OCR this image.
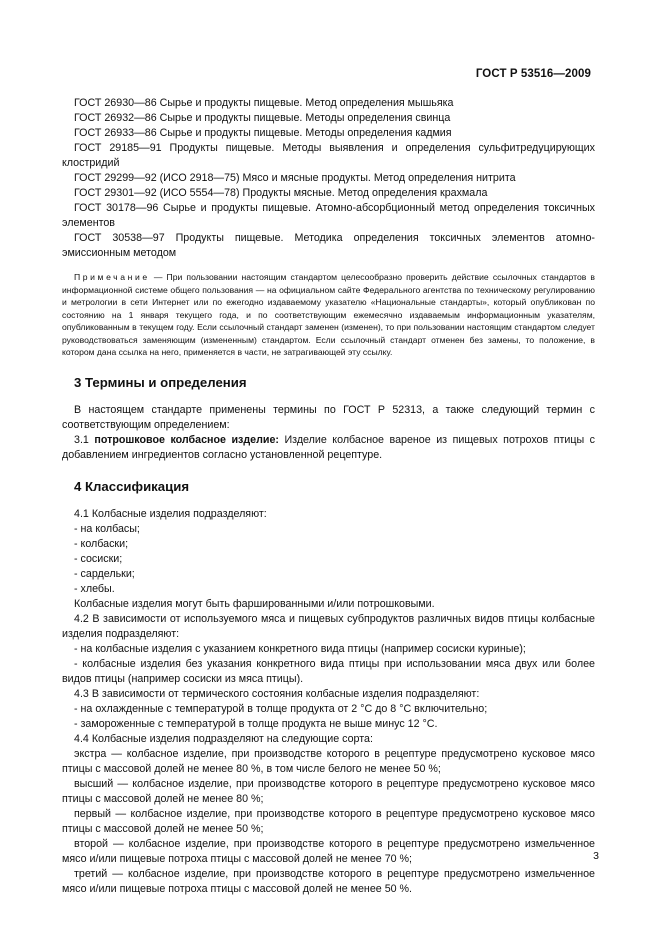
ГОСТ Р 53516—2009

ГОСТ 26930—86 Сырье и продукты пищевые. Метод определения мышьяка

ГОСТ 26932—86 Сырье и продукты пищевые. Методы определения свинца

ГОСТ 26933—86 Сырье и продукты пищевые. Методы определения кадмия

ГОСТ 29185—91 Продукты пищевые. Методы выявления и определения сульфитредуцирующих клостридий

ГОСТ 29299—92 (ИСО 2918—75) Мясо и мясные продукты. Метод определения нитрита

ГОСТ 29301—92 (ИСО 5554—78) Продукты мясные. Метод определения крахмала

ГОСТ 30178—96 Сырье и продукты пищевые. Атомно-абсорбционный метод определения токсичных элементов

ГОСТ 30538—97 Продукты пищевые. Методика определения токсичных элементов атомно-эмиссионным методом

Примечание — При пользовании настоящим стандартом целесообразно проверить действие ссылочных стандартов в информационной системе общего пользования — на официальном сайте Федерального агентства по техническому регулированию и метрологии в сети Интернет или по ежегодно издаваемому указателю «Национальные стандарты», который опубликован по состоянию на 1 января текущего года, и по соответствующим ежемесячно издаваемым информационным указателям, опубликованным в текущем году. Если ссылочный стандарт заменен (изменен), то при пользовании настоящим стандартом следует руководствоваться заменяющим (измененным) стандартом. Если ссылочный стандарт отменен без замены, то положение, в котором дана ссылка на него, применяется в части, не затрагивающей эту ссылку.

3 Термины и определения

В настоящем стандарте применены термины по ГОСТ Р 52313, а также следующий термин с соответствующим определением:

3.1 потрошковое колбасное изделие: Изделие колбасное вареное из пищевых потрохов птицы с добавлением ингредиентов согласно установленной рецептуре.

4 Классификация

4.1 Колбасные изделия подразделяют:

- на колбасы;

- колбаски;

- сосиски;

- сардельки;

- хлебы.

Колбасные изделия могут быть фаршированными и/или потрошковыми.

4.2 В зависимости от используемого мяса и пищевых субпродуктов различных видов птицы колбасные изделия подразделяют:

- на колбасные изделия с указанием конкретного вида птицы (например сосиски куриные);

- колбасные изделия без указания конкретного вида птицы при использовании мяса двух или более видов птицы (например сосиски из мяса птицы).

4.3 В зависимости от термического состояния колбасные изделия подразделяют:

- на охлажденные с температурой в толще продукта от 2 °С до 8 °С включительно;

- замороженные с температурой в толще продукта не выше минус 12 °С.

4.4 Колбасные изделия подразделяют на следующие сорта:

экстра — колбасное изделие, при производстве которого в рецептуре предусмотрено кусковое мясо птицы с массовой долей не менее 80 %, в том числе белого не менее 50 %;

высший — колбасное изделие, при производстве которого в рецептуре предусмотрено кусковое мясо птицы с массовой долей не менее 80 %;

первый — колбасное изделие, при производстве которого в рецептуре предусмотрено кусковое мясо птицы с массовой долей не менее 50 %;

второй — колбасное изделие, при производстве которого в рецептуре предусмотрено измельченное мясо и/или пищевые потроха птицы с массовой долей не менее 70 %;

третий — колбасное изделие, при производстве которого в рецептуре предусмотрено измельченное мясо и/или пищевые потроха птицы с массовой долей не менее 50 %.

3
